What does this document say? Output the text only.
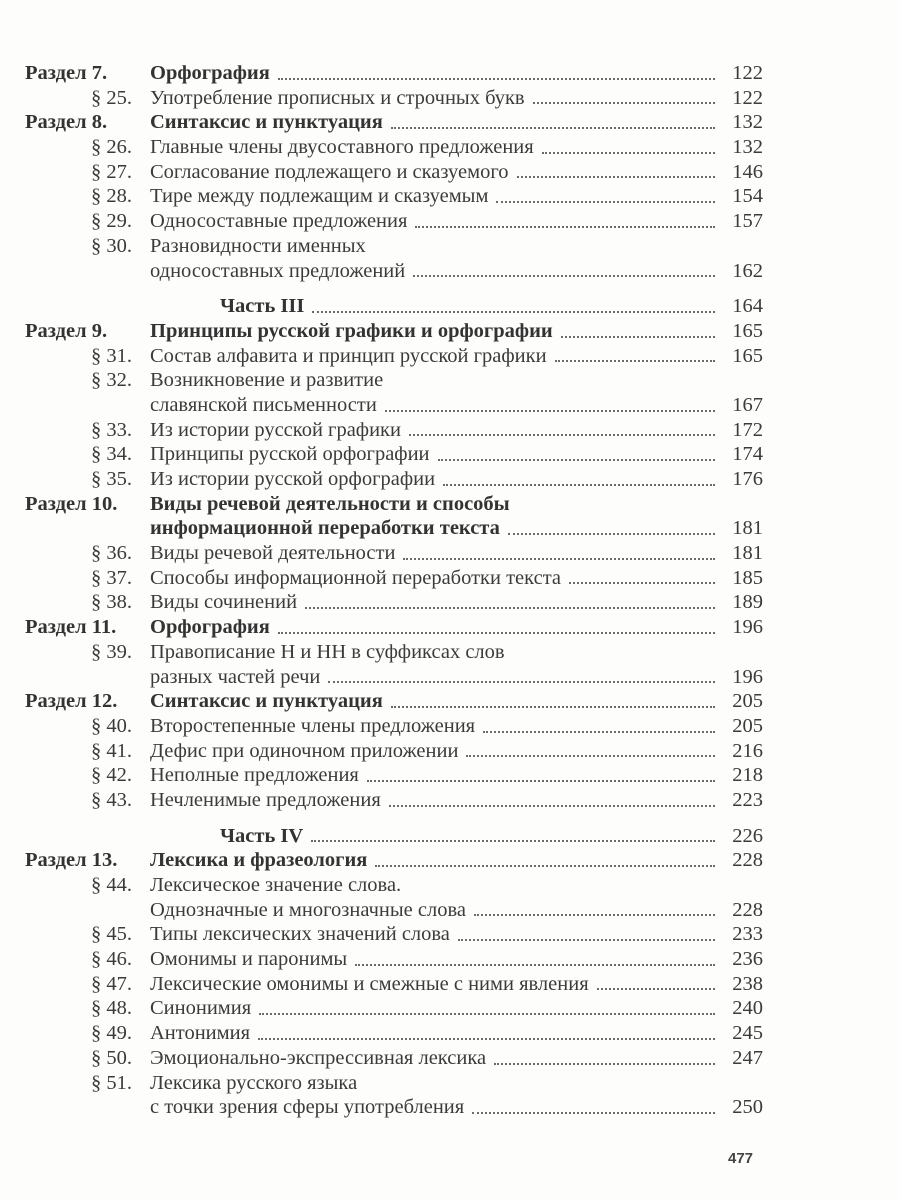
Раздел 7.	Орфография	122
§ 25. Употребление прописных и строчных букв	122
Раздел 8.	Синтаксис и пунктуация	132
§ 26. Главные члены двусоставного предложения	132
§ 27. Согласование подлежащего и сказуемого	146
§ 28. Тире между подлежащим и сказуемым	154
§ 29. Односоставные предложения	157
§ 30. Разновидности именных
односоставных предложений	162
Часть III	164
Раздел 9.	Принципы русской графики и орфографии	165
§ 31. Состав алфавита и принцип русской графики	165
§ 32. Возникновение и развитие
славянской письменности	167
§ 33. Из истории русской графики	172
§ 34. Принципы русской орфографии	174
§ 35. Из истории русской орфографии	176
Раздел 10.	Виды речевой деятельности и способы
информационной переработки текста	181
§ 36. Виды речевой деятельности	181
§ 37. Способы информационной переработки текста	185
§ 38. Виды сочинений	189
Раздел 11.	Орфография	196
§ 39. Правописание Н и НН в суффиксах слов
разных частей речи	196
Раздел 12.	Синтаксис и пунктуация	205
§ 40. Второстепенные члены предложения	205
§ 41. Дефис при одиночном приложении	216
§ 42. Неполные предложения	218
§ 43. Нечленимые предложения	223
Часть IV	226
Раздел 13.	Лексика и фразеология	228
§ 44. Лексическое значение слова.
Однозначные и многозначные слова	228
§ 45. Типы лексических значений слова	233
§ 46. Омонимы и паронимы	236
§ 47. Лексические омонимы и смежные с ними явления	238
§ 48. Синонимия	240
§ 49. Антонимия	245
§ 50. Эмоционально-экспрессивная лексика	247
§ 51. Лексика русского языка
с точки зрения сферы употребления	250
477
